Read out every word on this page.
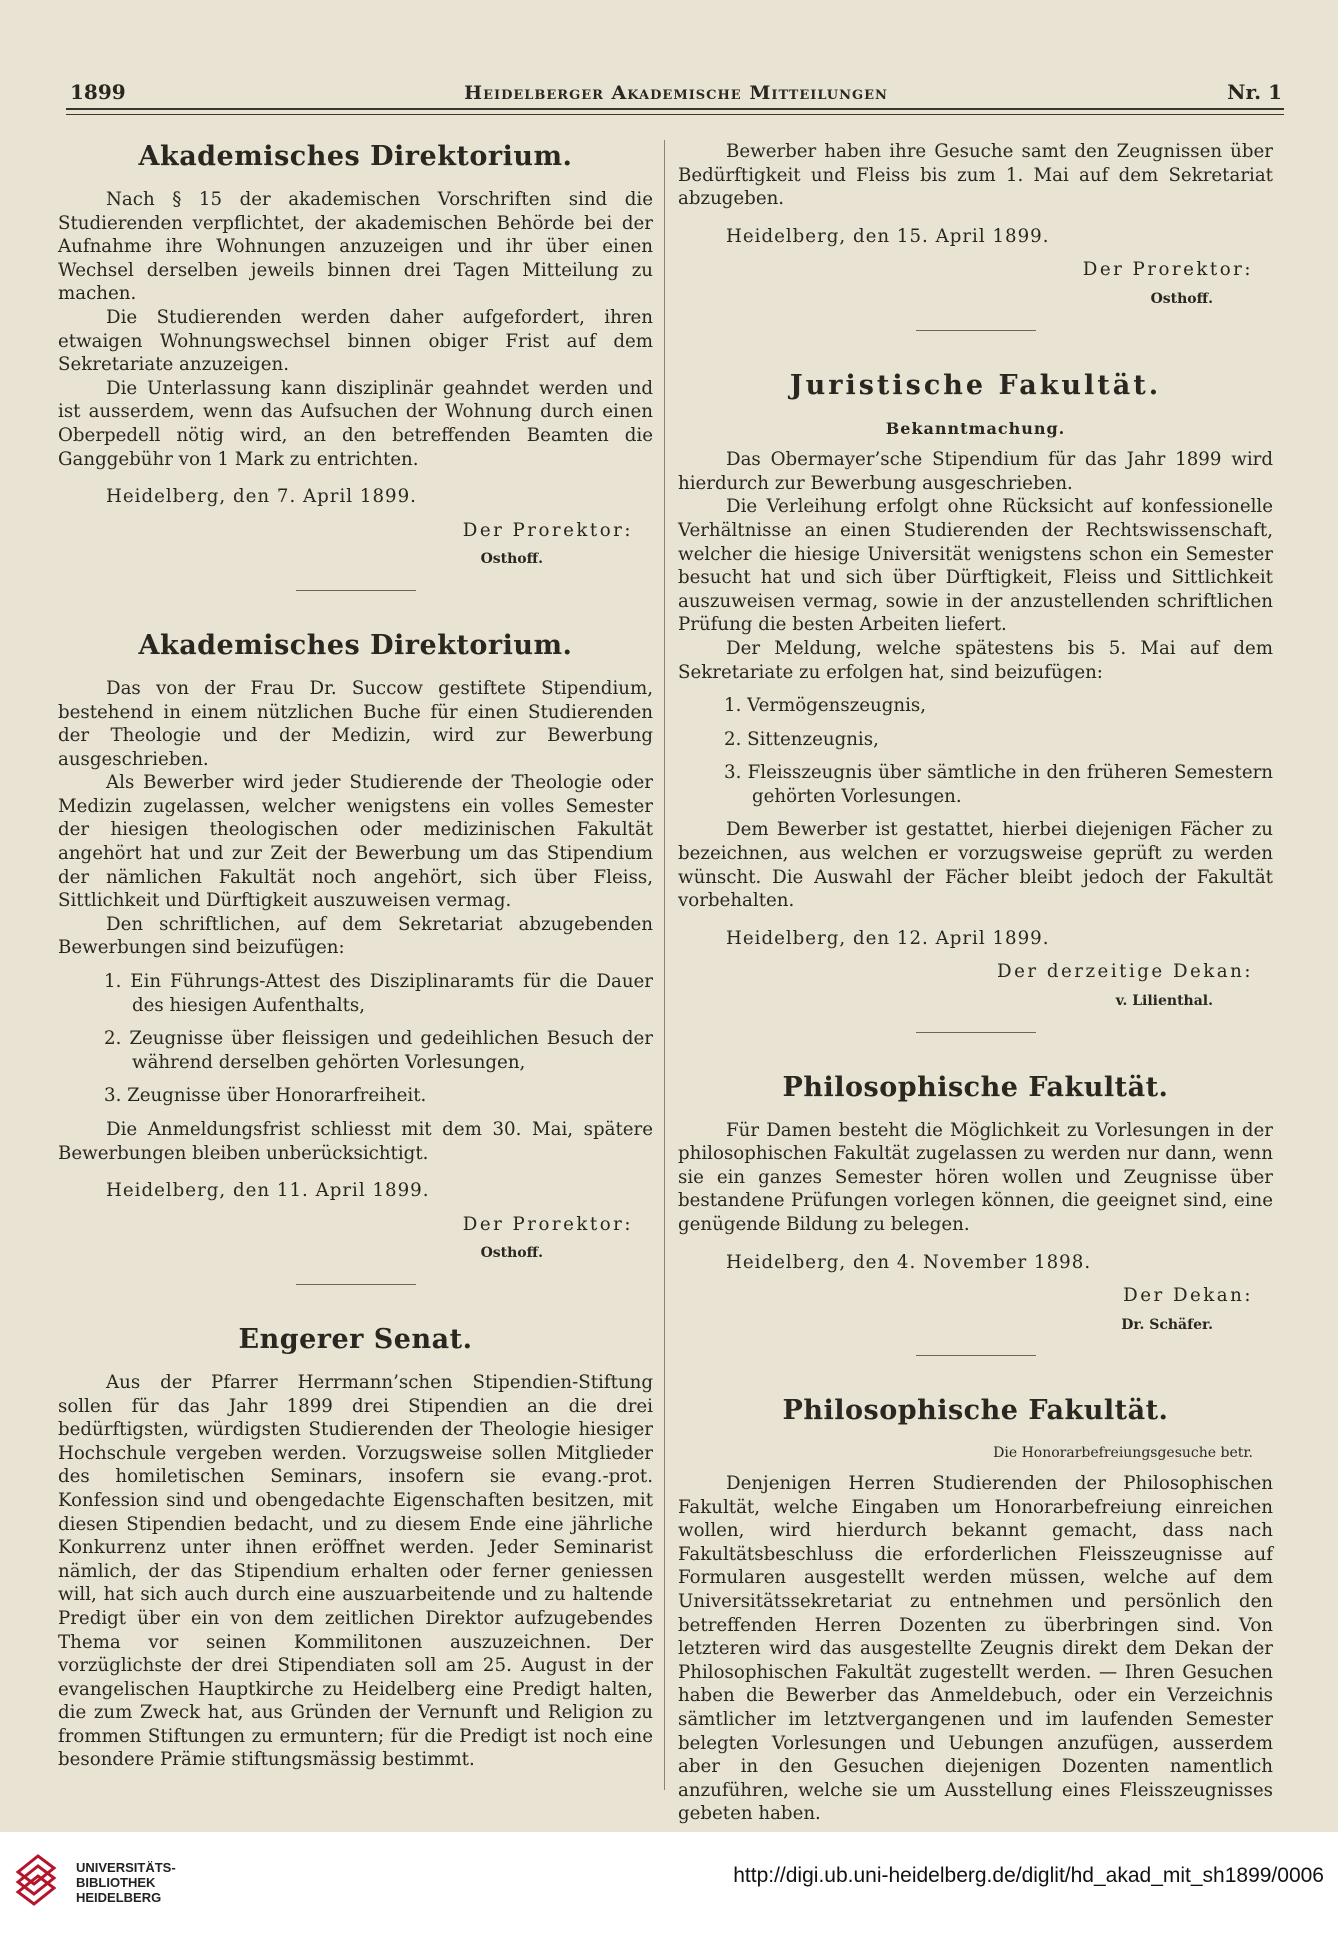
1899	Heidelberger Akademische Mitteilungen	Nr. 1
Akademisches Direktorium.

Nach § 15 der akademischen Vorschriften sind die Studierenden verpflichtet, der akademischen Behörde bei der Aufnahme ihre Wohnungen anzuzeigen und ihr über einen Wechsel derselben jeweils binnen drei Tagen Mitteilung zu machen.

Die Studierenden werden daher aufgefordert, ihren etwaigen Wohnungswechsel binnen obiger Frist auf dem Sekretariate anzuzeigen.

Die Unterlassung kann disziplinär geahndet werden und ist ausserdem, wenn das Aufsuchen der Wohnung durch einen Oberpedell nötig wird, an den betreffenden Beamten die Ganggebühr von 1 Mark zu entrichten.

Heidelberg, den 7. April 1899.
Der Prorektor:
Osthoff.
Akademisches Direktorium.

Das von der Frau Dr. Succow gestiftete Stipendium, bestehend in einem nützlichen Buche für einen Studierenden der Theologie und der Medizin, wird zur Bewerbung ausgeschrieben.

Als Bewerber wird jeder Studierende der Theologie oder Medizin zugelassen, welcher wenigstens ein volles Semester der hiesigen theologischen oder medizinischen Fakultät angehört hat und zur Zeit der Bewerbung um das Stipendium der nämlichen Fakultät noch angehört, sich über Fleiss, Sittlichkeit und Dürftigkeit auszuweisen vermag.

Den schriftlichen, auf dem Sekretariat abzugebenden Bewerbungen sind beizufügen:

1. Ein Führungs-Attest des Disziplinaramts für die Dauer des hiesigen Aufenthalts,
2. Zeugnisse über fleissigen und gedeihlichen Besuch der während derselben gehörten Vorlesungen,
3. Zeugnisse über Honorarfreiheit.

Die Anmeldungsfrist schliesst mit dem 30. Mai, spätere Bewerbungen bleiben unberücksichtigt.

Heidelberg, den 11. April 1899.
Der Prorektor:
Osthoff.
Engerer Senat.

Aus der Pfarrer Herrmann’schen Stipendien-Stiftung sollen für das Jahr 1899 drei Stipendien an die drei bedürftigsten, würdigsten Studierenden der Theologie hiesiger Hochschule vergeben werden. Vorzugsweise sollen Mitglieder des homiletischen Seminars, insofern sie evang.-prot. Konfession sind und obengedachte Eigenschaften besitzen, mit diesen Stipendien bedacht, und zu diesem Ende eine jährliche Konkurrenz unter ihnen eröffnet werden. Jeder Seminarist nämlich, der das Stipendium erhalten oder ferner geniessen will, hat sich auch durch eine auszuarbeitende und zu haltende Predigt über ein von dem zeitlichen Direktor aufzugebendes Thema vor seinen Kommilitonen auszuzeichnen. Der vorzüglichste der drei Stipendiaten soll am 25. August in der evangelischen Hauptkirche zu Heidelberg eine Predigt halten, die zum Zweck hat, aus Gründen der Vernunft und Religion zu frommen Stiftungen zu ermuntern; für die Predigt ist noch eine besondere Prämie stiftungsmässig bestimmt.

Bewerber haben ihre Gesuche samt den Zeugnissen über Bedürftigkeit und Fleiss bis zum 1. Mai auf dem Sekretariat abzugeben.

Heidelberg, den 15. April 1899.
Der Prorektor:
Osthoff.
Juristische Fakultät.
Bekanntmachung.

Das Obermayer’sche Stipendium für das Jahr 1899 wird hierdurch zur Bewerbung ausgeschrieben.

Die Verleihung erfolgt ohne Rücksicht auf konfessionelle Verhältnisse an einen Studierenden der Rechtswissenschaft, welcher die hiesige Universität wenigstens schon ein Semester besucht hat und sich über Dürftigkeit, Fleiss und Sittlichkeit auszuweisen vermag, sowie in der anzustellenden schriftlichen Prüfung die besten Arbeiten liefert.

Der Meldung, welche spätestens bis 5. Mai auf dem Sekretariate zu erfolgen hat, sind beizufügen:

1. Vermögenszeugnis,
2. Sittenzeugnis,
3. Fleisszeugnis über sämtliche in den früheren Semestern gehörten Vorlesungen.

Dem Bewerber ist gestattet, hierbei diejenigen Fächer zu bezeichnen, aus welchen er vorzugsweise geprüft zu werden wünscht. Die Auswahl der Fächer bleibt jedoch der Fakultät vorbehalten.

Heidelberg, den 12. April 1899.
Der derzeitige Dekan:
v. Lilienthal.
Philosophische Fakultät.

Für Damen besteht die Möglichkeit zu Vorlesungen in der philosophischen Fakultät zugelassen zu werden nur dann, wenn sie ein ganzes Semester hören wollen und Zeugnisse über bestandene Prüfungen vorlegen können, die geeignet sind, eine genügende Bildung zu belegen.

Heidelberg, den 4. November 1898.
Der Dekan:
Dr. Schäfer.
Philosophische Fakultät.
Die Honorarbefreiungsgesuche betr.

Denjenigen Herren Studierenden der Philosophischen Fakultät, welche Eingaben um Honorarbefreiung einreichen wollen, wird hierdurch bekannt gemacht, dass nach Fakultätsbeschluss die erforderlichen Fleisszeugnisse auf Formularen ausgestellt werden müssen, welche auf dem Universitätssekretariat zu entnehmen und persönlich den betreffenden Herren Dozenten zu überbringen sind. Von letzteren wird das ausgestellte Zeugnis direkt dem Dekan der Philosophischen Fakultät zugestellt werden. — Ihren Gesuchen haben die Bewerber das Anmeldebuch, oder ein Verzeichnis sämtlicher im letztvergangenen und im laufenden Semester belegten Vorlesungen und Uebungen anzufügen, ausserdem aber in den Gesuchen diejenigen Dozenten namentlich anzuführen, welche sie um Ausstellung eines Fleisszeugnisses gebeten haben.

UNIVERSITÄTS-
BIBLIOTHEK
HEIDELBERG
http://digi.ub.uni-heidelberg.de/diglit/hd_akad_mit_sh1899/0006
